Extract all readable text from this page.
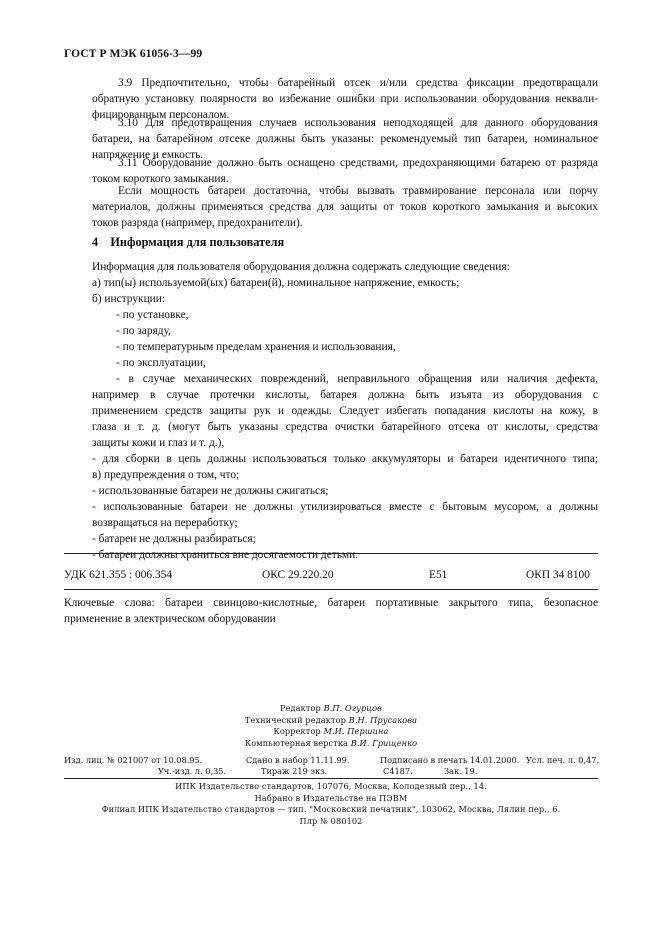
ГОСТ Р МЭК 61056-3—99
3.9 Предпочтительно, чтобы батарейный отсек и/или средства фиксации предотвращали
обратную установку полярности во избежание ошибки при использовании оборудования неквали-
фицированным персоналом.
3.10 Для предотвращения случаев использования неподходящей для данного оборудования
батареи, на батарейном отсеке должны быть указаны: рекомендуемый тип батареи, номинальное
напряжение и емкость.
3.11 Оборудование должно быть оснащено средствами, предохраняющими батарею от разряда
током короткого замыкания.
Если мощность батареи достаточна, чтобы вызвать травмирование персонала или порчу
материалов, должны применяться средства для защиты от токов короткого замыкания и высоких
токов разряда (например, предохранители).
4 Информация для пользователя
Информация для пользователя оборудования должна содержать следующие сведения:
а) тип(ы) используемой(ых) батареи(й), номинальное напряжение, емкость;
б) инструкции:
- по установке,
- по заряду,
- по температурным пределам хранения и использования,
- по эксплуатации,
- в случае механических повреждений, неправильного обращения или наличия дефекта,
например в случае протечки кислоты, батарея должна быть изъята из оборудования с
применением средств защиты рук и одежды. Следует избегать попадания кислоты на кожу, в
глаза и т. д. (могут быть указаны средства очистки батарейного отсека от кислоты, средства
защиты кожи и глаз и т. д.),
- для сборки в цепь должны использоваться только аккумуляторы и батареи идентичного типа;
в) предупреждения о том, что;
- использованные батареи не должны сжигаться;
- использованные батареи не должны утилизироваться вместе с бытовым мусором, а должны
возвращаться на переработку;
- батареи не должны разбираться;
- батареи должны храниться вне досягаемости детьми.
УДК 621.355 : 006.354	ОКС 29.220.20	Е51	ОКП 34 8100
Ключевые слова: батареи свинцово-кислотные, батареи портативные закрытого типа, безопасное
применение в электрическом оборудовании
Редактор В.П. Огурцов
Технический редактор В.Н. Прусакова
Корректор М.И. Першина
Компьютерная верстка В.И. Грищенко
Изд. лиц. № 021007 от 10.08.95.	Сдано в набор 11.11.99.	Подписано в печать 14.01.2000. Усл. печ. л. 0,47.
Уч.-изд. л. 0,35.	Тираж 219 экз.	С4187.	Зак. 19.
ИПК Издательство стандартов, 107076, Москва, Колодезный пер., 14.
Набрано в Издательстве на ПЭВМ
Филиал ИПК Издательство стандартов — тип. "Московский печатник", 103062, Москва, Лялин пер., 6.
Плр № 080102
